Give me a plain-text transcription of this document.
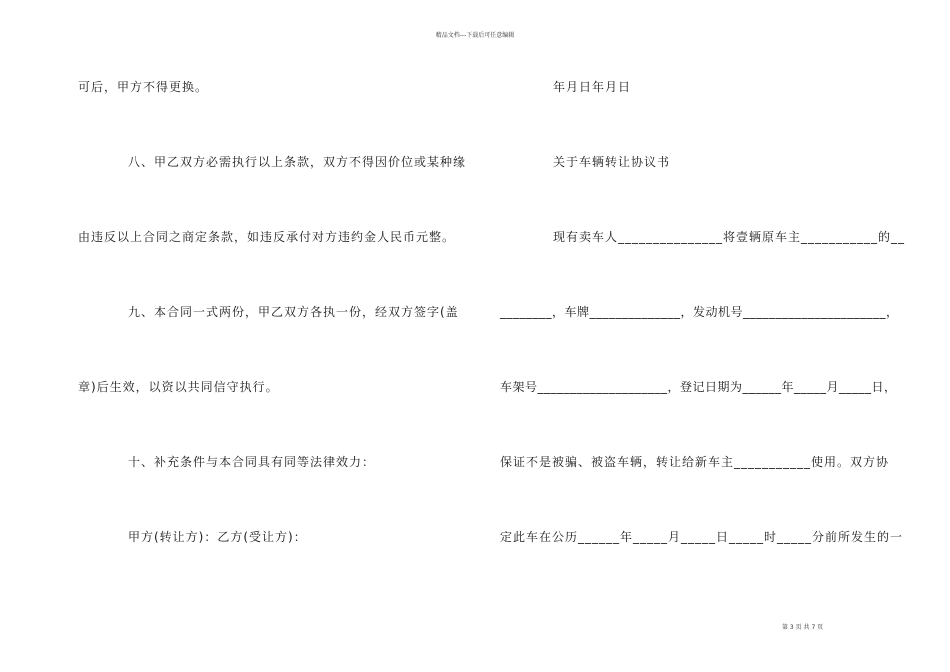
精品文档---下载后可任意编辑
可后，甲方不得更换。
八、甲乙双方必需执行以上条款，双方不得因价位或某种缘
由违反以上合同之商定条款，如违反承付对方违约金人民币元整。
九、本合同一式两份，甲乙双方各执一份，经双方签字(盖
章)后生效，以资以共同信守执行。
十、补充条件与本合同具有同等法律效力：
甲方(转让方)：乙方(受让方)：
年月日年月日
关于车辆转让协议书
现有卖车人_______________将壹辆原车主___________的__
________，车牌______________，发动机号______________________，
车架号____________________，登记日期为______年_____月_____日，
保证不是被骗、被盗车辆，转让给新车主___________使用。双方协
定此车在公历______年_____月_____日_____时_____分前所发生的一
第 3 页 共 7 页
